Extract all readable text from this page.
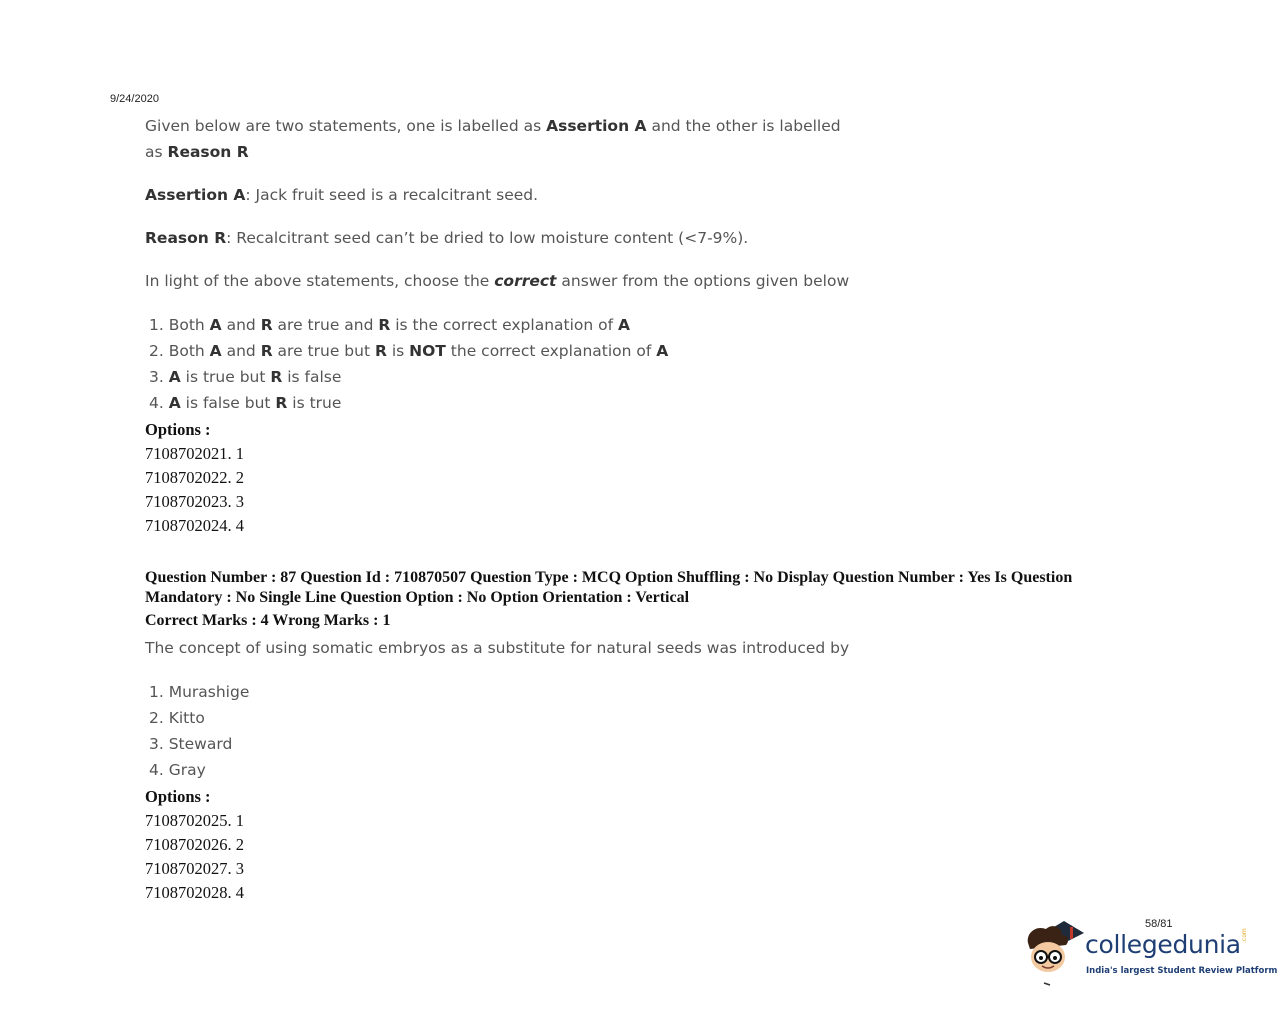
9/24/2020
Given below are two statements, one is labelled as Assertion A and the other is labelled
as Reason R
Assertion A: Jack fruit seed is a recalcitrant seed.
Reason R: Recalcitrant seed can’t be dried to low moisture content (<7-9%).
In light of the above statements, choose the correct answer from the options given below
1. Both A and R are true and R is the correct explanation of A
2. Both A and R are true but R is NOT the correct explanation of A
3. A is true but R is false
4. A is false but R is true
Options :
7108702021. 1
7108702022. 2
7108702023. 3
7108702024. 4
Question Number : 87 Question Id : 710870507 Question Type : MCQ Option Shuffling : No Display Question Number : Yes Is Question
Mandatory : No Single Line Question Option : No Option Orientation : Vertical
Correct Marks : 4 Wrong Marks : 1
The concept of using somatic embryos as a substitute for natural seeds was introduced by
1. Murashige
2. Kitto
3. Steward
4. Gray
Options :
7108702025. 1
7108702026. 2
7108702027. 3
7108702028. 4
58/81
collegedunia .com
India's largest Student Review Platform
